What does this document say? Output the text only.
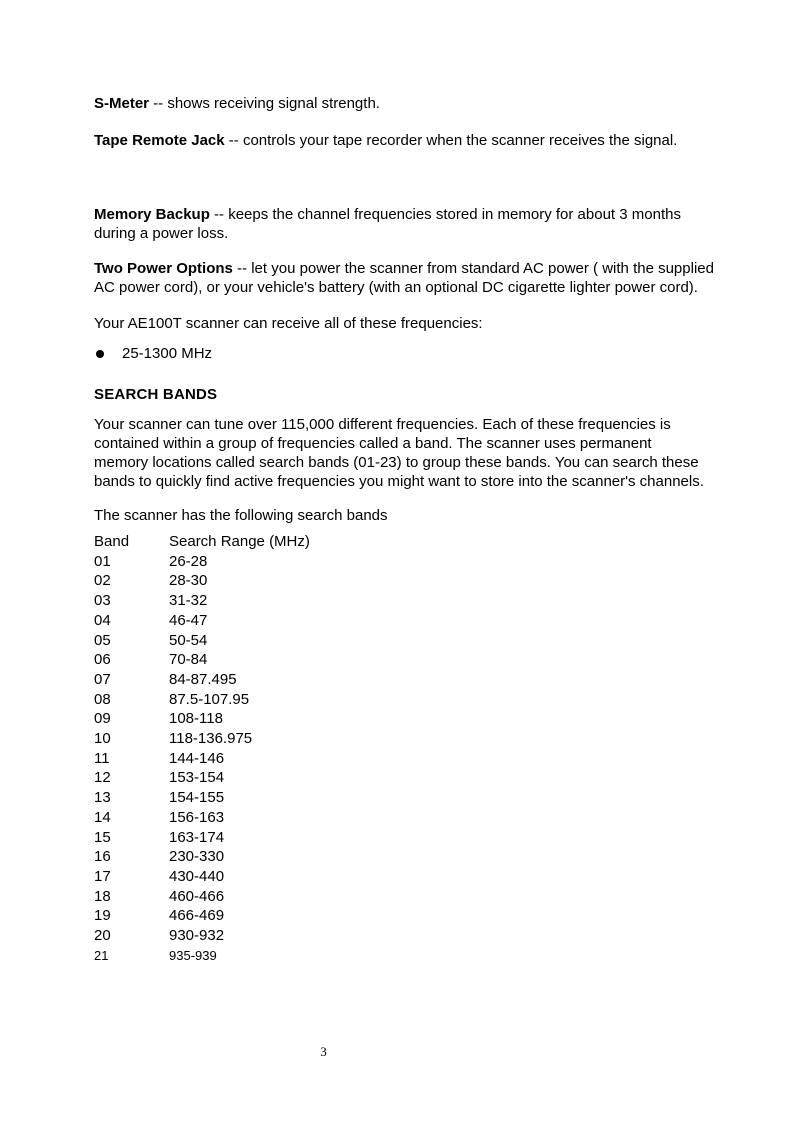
S-Meter -- shows receiving signal strength.

Tape Remote Jack -- controls your tape recorder when the scanner receives the signal.

Memory Backup -- keeps the channel frequencies stored in memory for about 3 months during a power loss.

Two Power Options -- let you power the scanner from standard AC power ( with the supplied AC power cord), or your vehicle's battery (with an optional DC cigarette lighter power cord).

Your AE100T scanner can receive all of these frequencies:

25-1300 MHz
SEARCH BANDS

Your scanner can tune over 115,000 different frequencies. Each of these frequencies is contained within a group of frequencies called a band. The scanner uses permanent memory locations called search bands (01-23) to group these bands. You can search these bands to quickly find active frequencies you might want to store into the scanner's channels.

The scanner has the following search bands

Band	Search Range (MHz)
01	26-28
02	28-30
03	31-32
04	46-47
05	50-54
06	70-84
07	84-87.495
08	87.5-107.95
09	108-118
10	118-136.975
11	144-146
12	153-154
13	154-155
14	156-163
15	163-174
16	230-330
17	430-440
18	460-466
19	466-469
20	930-932
21	935-939
3
